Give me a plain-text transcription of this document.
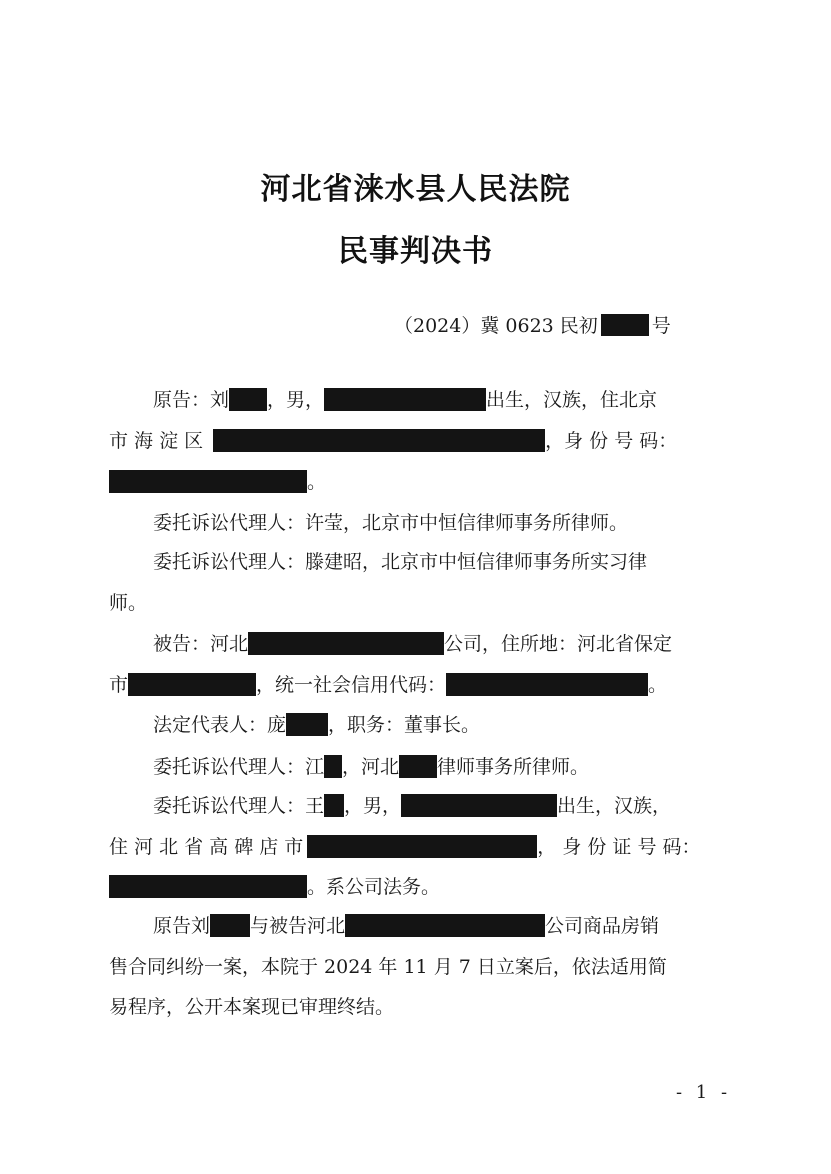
河北省涞水县人民法院
民事判决书
（2024）冀 0623 民初	号
原告：刘 ，男，	出生，汉族，住北京
市 海 淀 区	，身 份 号 码：
。
委托诉讼代理人：许莹，北京市中恒信律师事务所律师。
委托诉讼代理人：滕建昭，北京市中恒信律师事务所实习律
师。
被告：河北	公司，住所地：河北省保定
市	，统一社会信用代码：	。
法定代表人：庞 ，职务：董事长。
委托诉讼代理人：江 ，河北 律师事务所律师。
委托诉讼代理人：王 ，男，	出生，汉族，
住 河 北 省 高 碑 店 市	， 身 份 证 号 码：
。系公司法务。
原告刘 与被告河北	公司商品房销
售合同纠纷一案，本院于 2024 年 11 月 7 日立案后，依法适用简
易程序，公开本案现已审理终结。
- 1 -
